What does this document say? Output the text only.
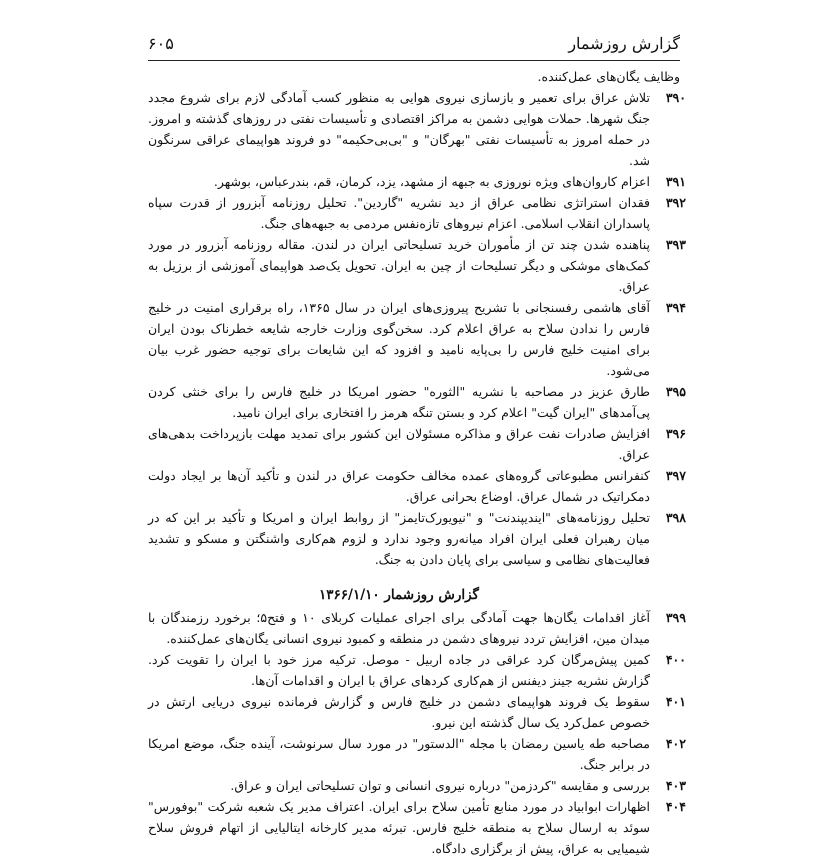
گزارش روزشمار
۶۰۵
وظایف یگان‌های عمل‌کننده.
۳۹۰
تلاش عراق برای تعمیر و بازسازی نیروی هوایی به منظور کسب آمادگی لازم برای شروع مجدد جنگ شهرها. حملات هوایی دشمن به مراکز اقتصادی و تأسیسات نفتی در روزهای گذشته و امروز. در حمله امروز به تأسیسات نفتی "بهرگان" و "بی‌بی‌حکیمه" دو فروند هواپیمای عراقی سرنگون شد.
۳۹۱
اعزام کاروان‌های ویژه نوروزی به جبهه از مشهد، یزد، کرمان، قم، بندرعباس، بوشهر.
۳۹۲
فقدان استراتژی نظامی عراق از دید نشریه "گاردین". تحلیل روزنامه آبزرور از قدرت سپاه پاسداران انقلاب اسلامی. اعزام نیروهای تازه‌نفس مردمی به جبهه‌های جنگ.
۳۹۳
پناهنده شدن چند تن از مأموران خرید تسلیحاتی ایران در لندن. مقاله روزنامه آبزرور در مورد کمک‌های موشکی و دیگر تسلیحات از چین به ایران. تحویل یک‌صد هواپیمای آموزشی از برزیل به عراق.
۳۹۴
آقای هاشمی رفسنجانی با تشریح پیروزی‌های ایران در سال ۱۳۶۵، راه برقراری امنیت در خلیج فارس را ندادن سلاح به عراق اعلام کرد. سخن‌گوی وزارت خارجه شایعه خطرناک بودن ایران برای امنیت خلیج فارس را بی‌پایه نامید و افزود که این شایعات برای توجیه حضور غرب بیان می‌شود.
۳۹۵
طارق عزیز در مصاحبه با نشریه "الثوره" حضور امریکا در خلیج فارس را برای خنثی کردن پی‌آمدهای "ایران گیت" اعلام کرد و بستن تنگه هرمز را افتخاری برای ایران نامید.
۳۹۶
افزایش صادرات نفت عراق و مذاکره مسئولان این کشور برای تمدید مهلت بازپرداخت بدهی‌های عراق.
۳۹۷
کنفرانس مطبوعاتی گروه‌های عمده مخالف حکومت عراق در لندن و تأکید آن‌ها بر ایجاد دولت دمکراتیک در شمال عراق. اوضاع بحرانی عراق.
۳۹۸
تحلیل روزنامه‌های "ایندیپندنت" و "نیویورک‌تایمز" از روابط ایران و امریکا و تأکید بر این که در میان رهبران فعلی ایران افراد میانه‌رو وجود ندارد و لزوم هم‌کاری واشنگتن و مسکو و تشدید فعالیت‌های نظامی و سیاسی برای پایان دادن به جنگ.
گزارش روزشمار ۱۳۶۶/۱/۱۰
۳۹۹
آغاز اقدامات یگان‌ها جهت آمادگی برای اجرای عملیات کربلای ۱۰ و فتح۵؛ برخورد رزمندگان با میدان مین، افزایش تردد نیروهای دشمن در منطقه و کمبود نیروی انسانی یگان‌های عمل‌کننده.
۴۰۰
کمین پیش‌مرگان کرد عراقی در جاده اربیل - موصل. ترکیه مرز خود با ایران را تقویت کرد. گزارش نشریه جینز دیفنس از هم‌کاری کردهای عراق با ایران و اقدامات آن‌ها.
۴۰۱
سقوط یک فروند هواپیمای دشمن در خلیج فارس و گزارش فرمانده نیروی دریایی ارتش در خصوص عمل‌کرد یک سال گذشته این نیرو.
۴۰۲
مصاحبه طه یاسین رمضان با مجله "الدستور" در مورد سال سرنوشت، آینده جنگ، موضع امریکا در برابر جنگ.
۴۰۳
بررسی و مقایسه "کردزمن" درباره نیروی انسانی و توان تسلیحاتی ایران و عراق.
۴۰۴
اظهارات ابوابیاد در مورد منابع تأمین سلاح برای ایران. اعتراف مدیر یک شعبه شرکت "بوفورس" سوئد به ارسال سلاح به منطقه خلیج فارس. تبرئه مدیر کارخانه ایتالیایی از اتهام فروش سلاح شیمیایی به عراق، پیش از برگزاری دادگاه.
